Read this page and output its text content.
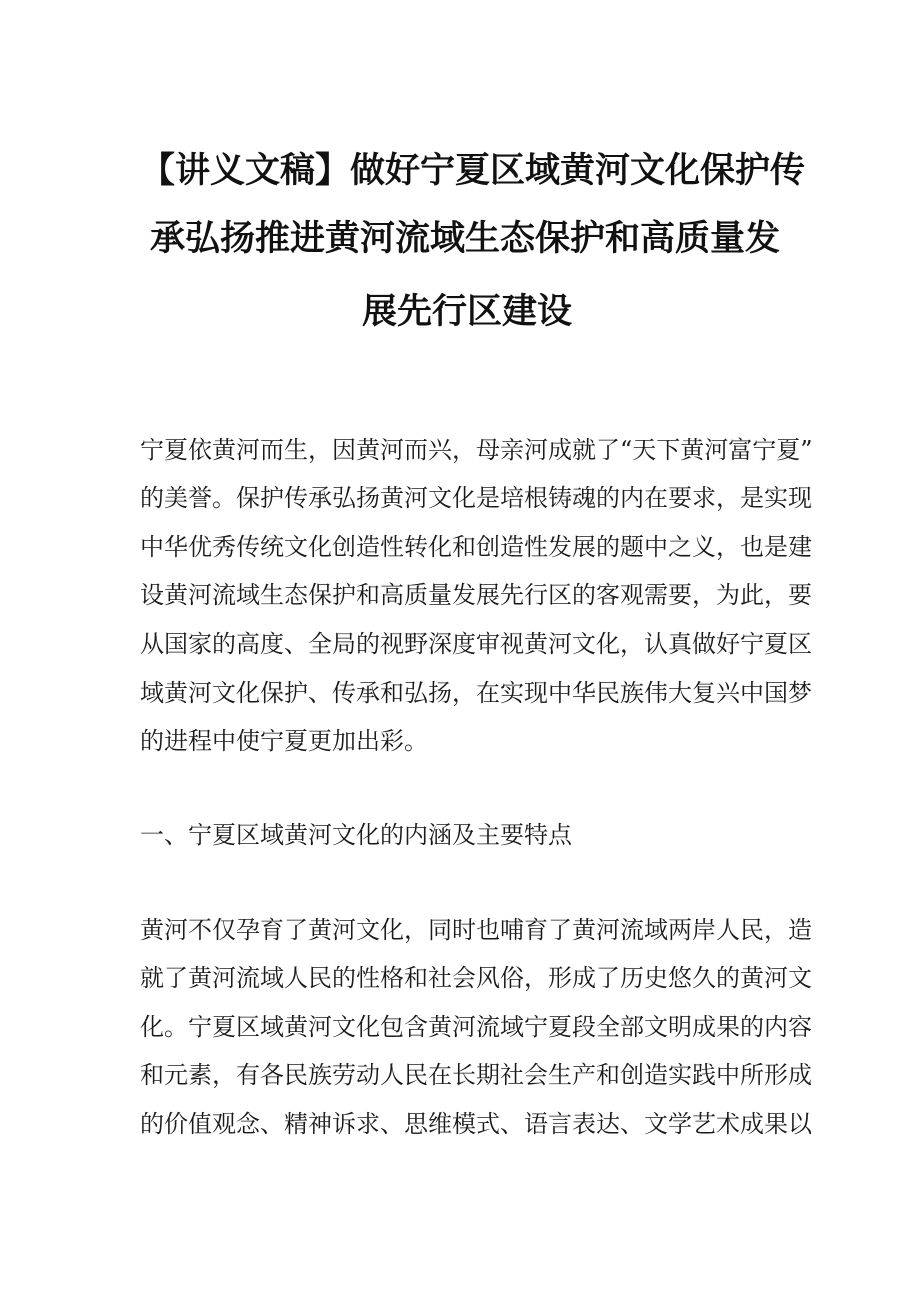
【讲义文稿】做好宁夏区域黄河文化保护传
承弘扬推进黄河流域生态保护和高质量发
展先行区建设
宁夏依黄河而生，因黄河而兴，母亲河成就了“天下黄河富宁夏”
的美誉。保护传承弘扬黄河文化是培根铸魂的内在要求，是实现
中华优秀传统文化创造性转化和创造性发展的题中之义，也是建
设黄河流域生态保护和高质量发展先行区的客观需要，为此，要
从国家的高度、全局的视野深度审视黄河文化，认真做好宁夏区
域黄河文化保护、传承和弘扬，在实现中华民族伟大复兴中国梦
的进程中使宁夏更加出彩。
一、宁夏区域黄河文化的内涵及主要特点
黄河不仅孕育了黄河文化，同时也哺育了黄河流域两岸人民，造
就了黄河流域人民的性格和社会风俗，形成了历史悠久的黄河文
化。宁夏区域黄河文化包含黄河流域宁夏段全部文明成果的内容
和元素，有各民族劳动人民在长期社会生产和创造实践中所形成
的价值观念、精神诉求、思维模式、语言表达、文学艺术成果以
